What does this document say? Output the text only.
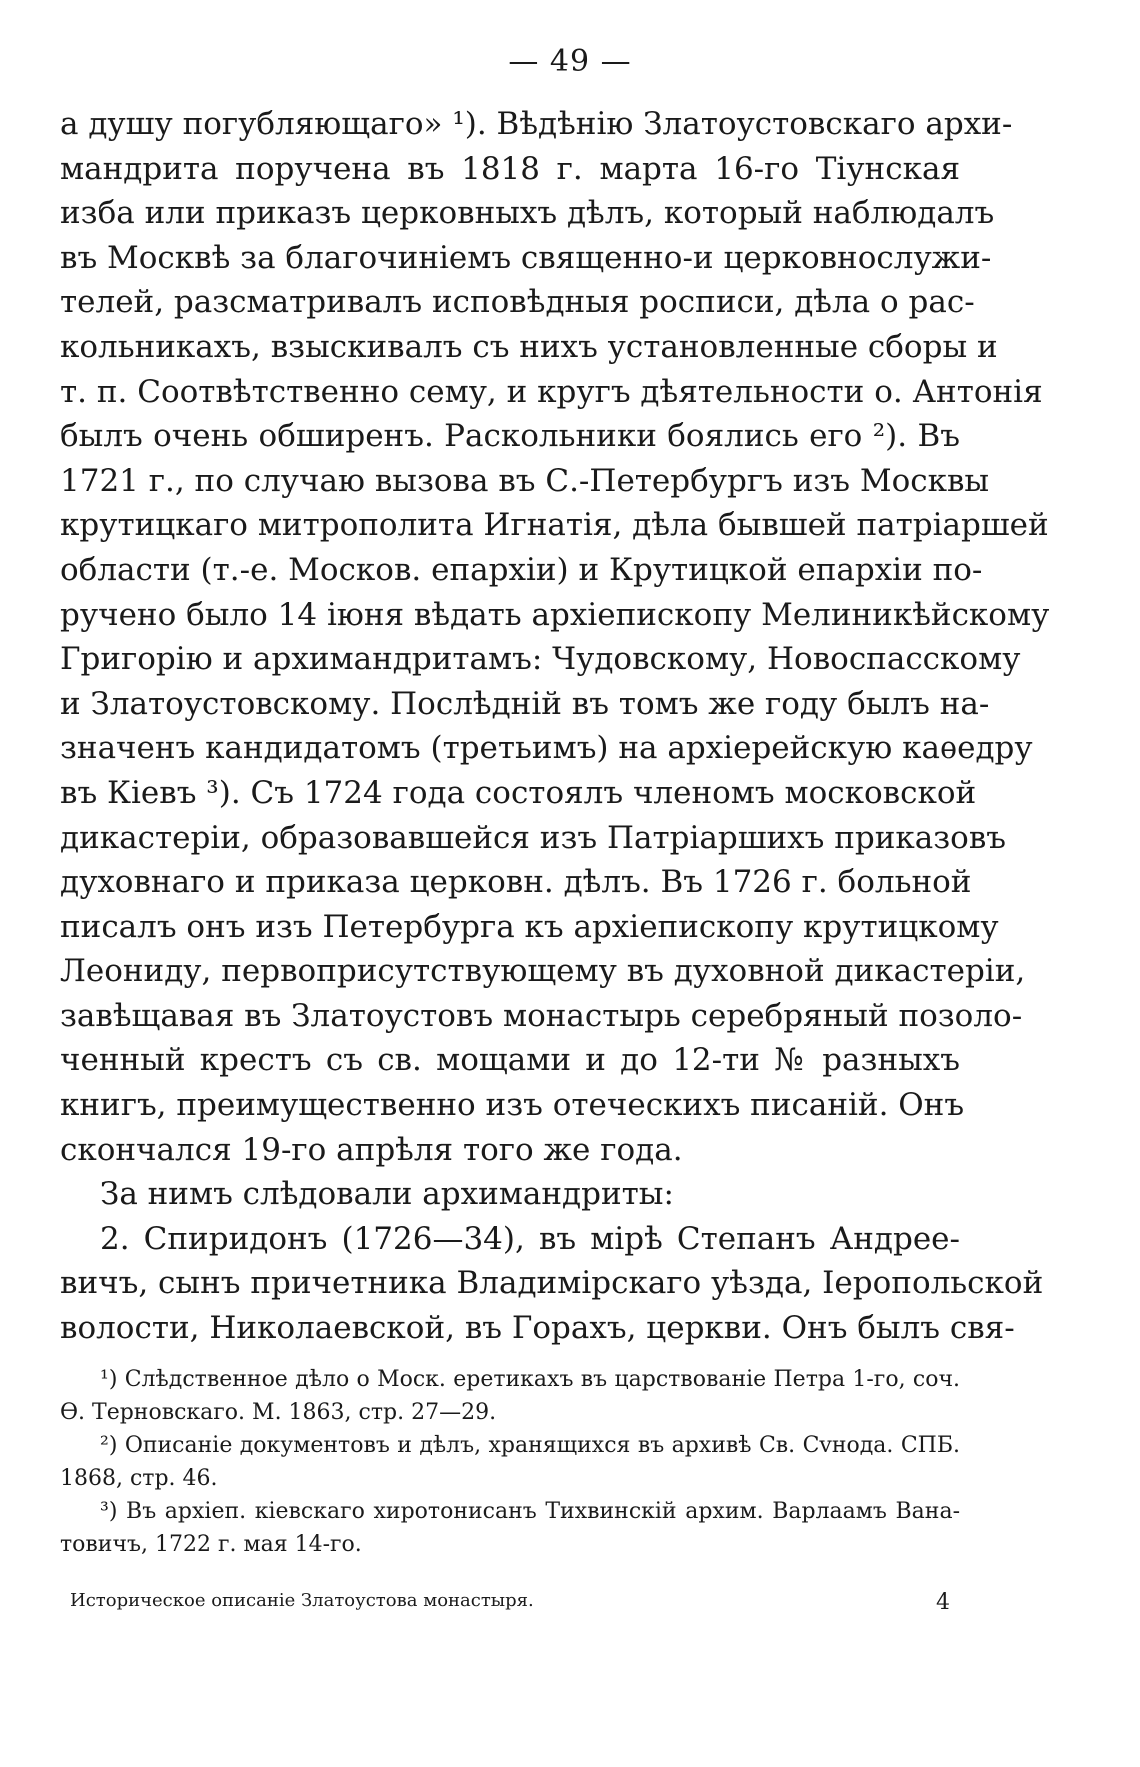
— 49 —
а душу погубляющаго» ¹). Вѣдѣнію Златоустовскаго архи-
мандрита поручена въ 1818 г. марта 16-го Тіунская
изба или приказъ церковныхъ дѣлъ, который наблюдалъ
въ Москвѣ за благочиніемъ священно-и церковнослужи-
телей, разсматривалъ исповѣдныя росписи, дѣла о рас-
кольникахъ, взыскивалъ съ нихъ установленные сборы и
т. п. Соотвѣтственно сему, и кругъ дѣятельности о. Антонія
былъ очень обширенъ. Раскольники боялись его ²). Въ
1721 г., по случаю вызова въ С.-Петербургъ изъ Москвы
крутицкаго митрополита Игнатія, дѣла бывшей патріаршей
области (т.-е. Москов. епархіи) и Крутицкой епархіи по-
ручено было 14 іюня вѣдать архіепископу Мелиникѣйскому
Григорію и архимандритамъ: Чудовскому, Новоспасскому
и Златоустовскому. Послѣдній въ томъ же году былъ на-
значенъ кандидатомъ (третьимъ) на архіерейскую каѳедру
въ Кіевъ ³). Съ 1724 года состоялъ членомъ московской
дикастеріи, образовавшейся изъ Патріаршихъ приказовъ
духовнаго и приказа церковн. дѣлъ. Въ 1726 г. больной
писалъ онъ изъ Петербурга къ архіепископу крутицкому
Леониду, первоприсутствующему въ духовной дикастеріи,
завѣщавая въ Златоустовъ монастырь серебряный позоло-
ченный крестъ съ св. мощами и до 12-ти № разныхъ
книгъ, преимущественно изъ отеческихъ писаній. Онъ
скончался 19-го апрѣля того же года.
За нимъ слѣдовали архимандриты:
2. Спиридонъ (1726—34), въ мірѣ Степанъ Андрее-
вичъ, сынъ причетника Владимірскаго уѣзда, Іеропольской
волости, Николаевской, въ Горахъ, церкви. Онъ былъ свя-
¹) Слѣдственное дѣло о Моск. еретикахъ въ царствованіе Петра 1-го, соч.
Ѳ. Терновскаго. М. 1863, стр. 27—29.
²) Описаніе документовъ и дѣлъ, хранящихся въ архивѣ Св. Сvнода. СПБ.
1868, стр. 46.
³) Въ архіеп. кіевскаго хиротонисанъ Тихвинскій архим. Варлаамъ Вана-
товичъ, 1722 г. мая 14-го.
Историческое описаніе Златоустова монастыря.	4
